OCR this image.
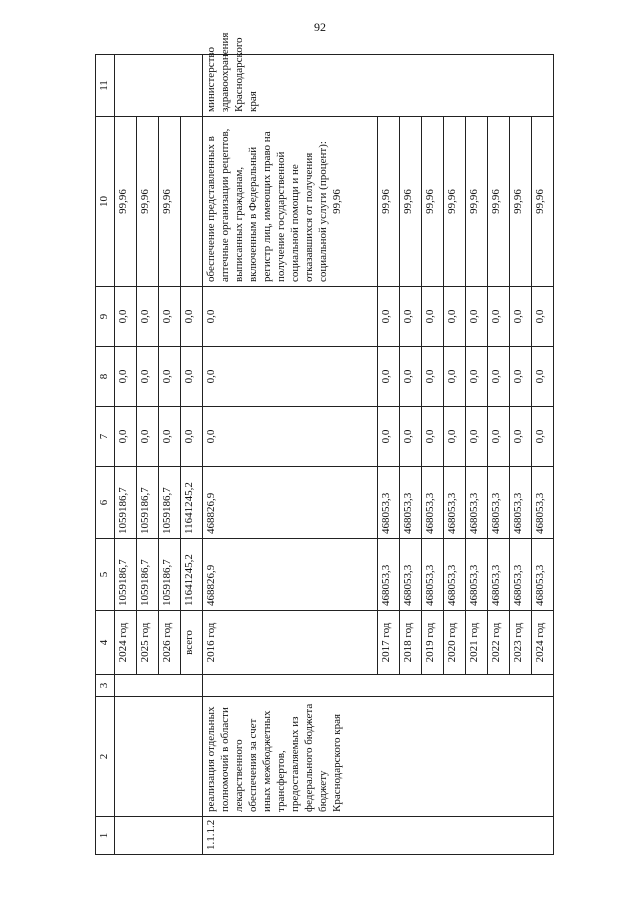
92
1	2	3	4	5	6	7	8	9	10	11
			2024 год	1059186,7	1059186,7	0,0	0,0	0,0	99,96	
			2025 год	1059186,7	1059186,7	0,0	0,0	0,0	99,96	
			2026 год	1059186,7	1059186,7	0,0	0,0	0,0	99,96	
			всего	11641245,2	11641245,2	0,0	0,0	0,0		
1.1.1.2	реализация отдельных полномочий в области лекарственного обеспечения за счет иных межбюджетных трансфертов, предоставляемых из федерального бюджета бюджету Краснодарского края		2016 год	468826,9	468826,9	0,0	0,0	0,0	обеспечение представленных в аптечные организации рецептов, выписанных гражданам, включенным в Федеральный регистр лиц, имеющих право на получение государственной социальной помощи и не отказавшихся от получения социальной услуги (процент): 99,96	министерство здравоохранения Краснодарского края
			2017 год	468053,3	468053,3	0,0	0,0	0,0	99,96	
			2018 год	468053,3	468053,3	0,0	0,0	0,0	99,96	
			2019 год	468053,3	468053,3	0,0	0,0	0,0	99,96	
			2020 год	468053,3	468053,3	0,0	0,0	0,0	99,96	
			2021 год	468053,3	468053,3	0,0	0,0	0,0	99,96	
			2022 год	468053,3	468053,3	0,0	0,0	0,0	99,96	
			2023 год	468053,3	468053,3	0,0	0,0	0,0	99,96	
			2024 год	468053,3	468053,3	0,0	0,0	0,0	99,96	
